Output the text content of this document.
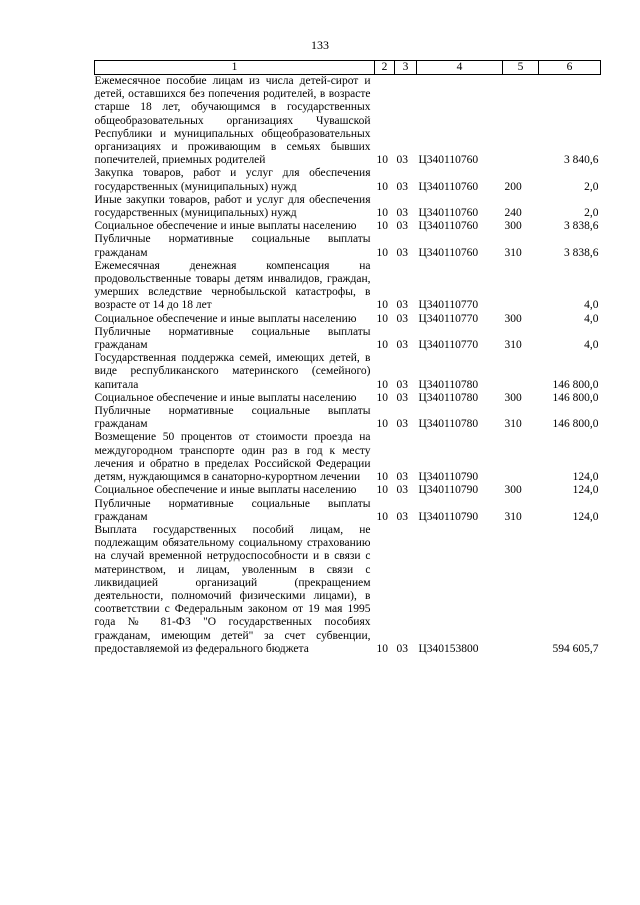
133
1	2	3	4	5	6
Ежемесячное пособие лицам из числа детей-сирот и детей, оставшихся без попечения родителей, в возрасте старше 18 лет, обучающимся в государственных общеобразовательных организациях Чувашской Республики и муниципальных общеобразовательных организациях и проживающим в семьях бывших попечителей, приемных родителей	10	03	Ц340110760		3 840,6
Закупка товаров, работ и услуг для обеспечения государственных (муниципальных) нужд	10	03	Ц340110760	200	2,0
Иные закупки товаров, работ и услуг для обеспечения государственных (муниципальных) нужд	10	03	Ц340110760	240	2,0
Социальное обеспечение и иные выплаты населению	10	03	Ц340110760	300	3 838,6
Публичные нормативные социальные выплаты гражданам	10	03	Ц340110760	310	3 838,6
Ежемесячная денежная компенсация на продовольственные товары детям инвалидов, граждан, умерших вследствие чернобыльской катастрофы, в возрасте от 14 до 18 лет	10	03	Ц340110770		4,0
Социальное обеспечение и иные выплаты населению	10	03	Ц340110770	300	4,0
Публичные нормативные социальные выплаты гражданам	10	03	Ц340110770	310	4,0
Государственная поддержка семей, имеющих детей, в виде республиканского материнского (семейного) капитала	10	03	Ц340110780		146 800,0
Социальное обеспечение и иные выплаты населению	10	03	Ц340110780	300	146 800,0
Публичные нормативные социальные выплаты гражданам	10	03	Ц340110780	310	146 800,0
Возмещение 50 процентов от стоимости проезда на междугородном транспорте один раз в год к месту лечения и обратно в пределах Российской Федерации детям, нуждающимся в санаторно-курортном лечении	10	03	Ц340110790		124,0
Социальное обеспечение и иные выплаты населению	10	03	Ц340110790	300	124,0
Публичные нормативные социальные выплаты гражданам	10	03	Ц340110790	310	124,0
Выплата государственных пособий лицам, не подлежащим обязательному социальному страхованию на случай временной нетрудоспособности и в связи с материнством, и лицам, уволенным в связи с ликвидацией организаций (прекращением деятельности, полномочий физическими лицами), в соответствии с Федеральным законом от 19 мая 1995 года № 81-ФЗ "О государственных пособиях гражданам, имеющим детей" за счет субвенции, предоставляемой из федерального бюджета	10	03	Ц340153800		594 605,7
